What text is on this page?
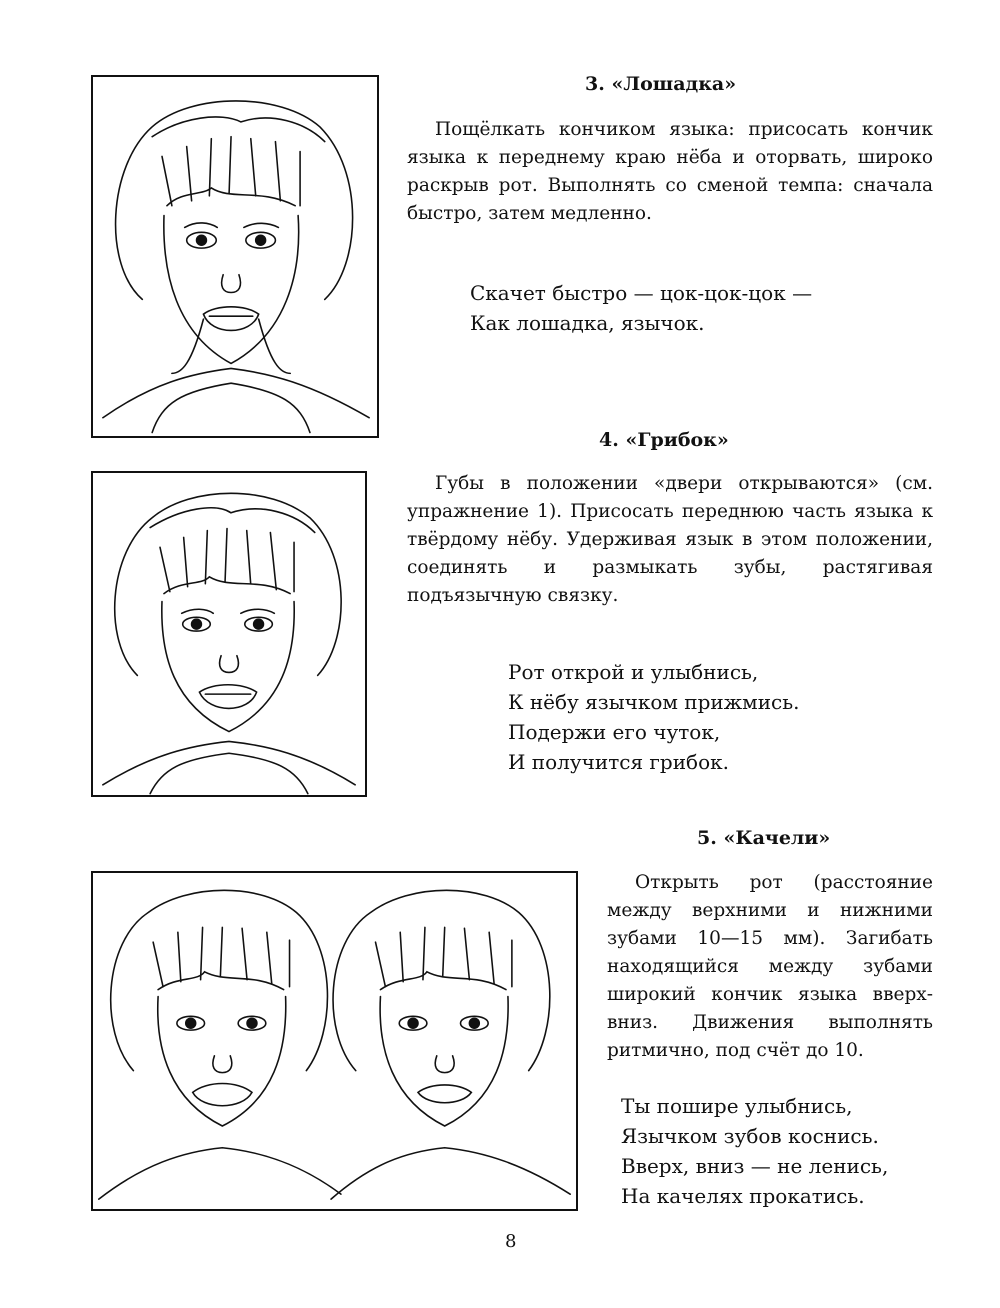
3. «Лошадка»

Пощёлкать кончиком языка: присосать кончик языка к переднему краю нёба и оторвать, широко раскрыв рот. Выполнять со сменой темпа: сначала быстро, затем медленно.

Скачет быстро — цок-цок-цок —
Как лошадка, язычок.
4. «Грибок»

Губы в положении «двери открываются» (см. упражнение 1). Присосать переднюю часть языка к твёрдому нёбу. Удерживая язык в этом положении, соединять и размыкать зубы, растягивая подъязычную связку.

Рот открой и улыбнись,
К нёбу язычком прижмись.
Подержи его чуток,
И получится грибок.
5. «Качели»

Открыть рот (расстояние между верхними и нижними зубами 10—15 мм). Загибать находящийся между зубами широкий кончик языка вверх-вниз. Движения выполнять ритмично, под счёт до 10.

Ты пошире улыбнись,
Язычком зубов коснись.
Вверх, вниз — не ленись,
На качелях прокатись.
8
